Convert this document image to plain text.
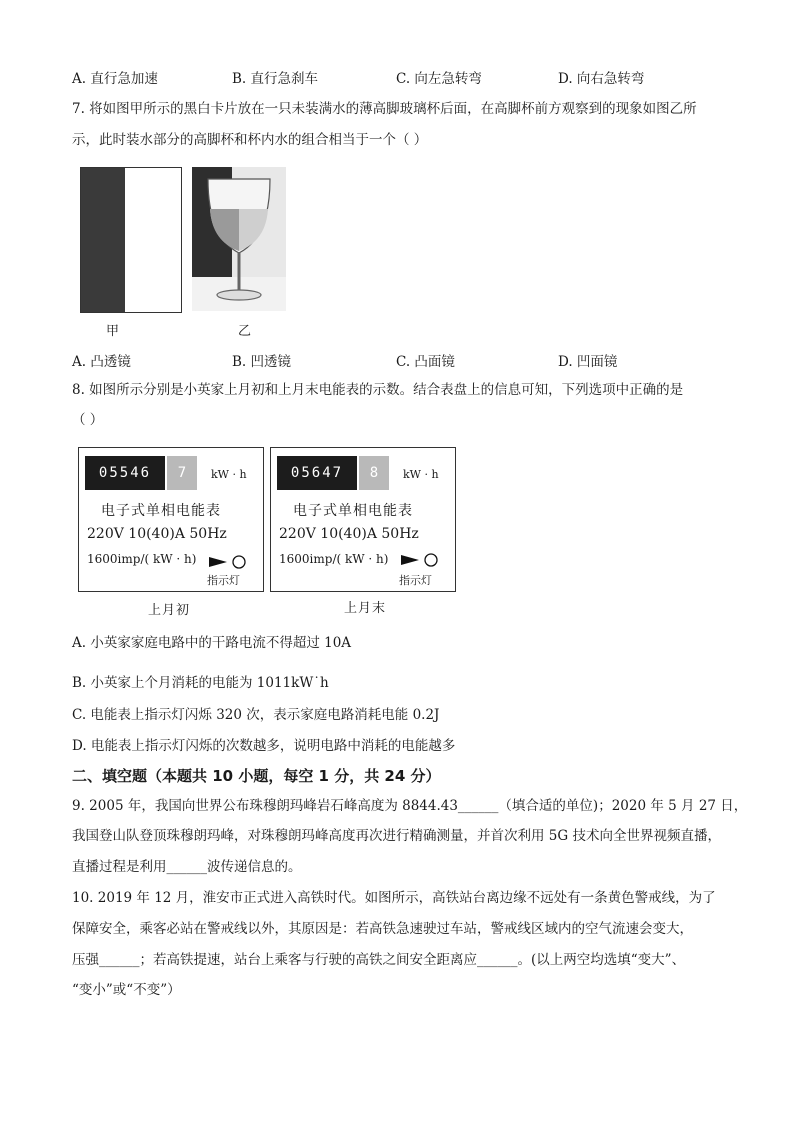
A. 直行急加速	B. 直行急刹车	C. 向左急转弯	D. 向右急转弯
7. 将如图甲所示的黑白卡片放在一只未装满水的薄高脚玻璃杯后面，在高脚杯前方观察到的现象如图乙所
示，此时装水部分的高脚杯和杯内水的组合相当于一个（ ）
甲	乙
A. 凸透镜	B. 凹透镜	C. 凸面镜	D. 凹面镜
8. 如图所示分别是小英家上月初和上月末电能表的示数。结合表盘上的信息可知，下列选项中正确的是
（ ）
05546	7	kW · h
电子式单相电能表
220V 10(40)A 50Hz
1600imp/( kW · h)
指示灯
上月初
05647	8	kW · h
电子式单相电能表
220V 10(40)A 50Hz
1600imp/( kW · h)
指示灯
上月末
A. 小英家家庭电路中的干路电流不得超过 10A
B. 小英家上个月消耗的电能为 1011kW˙h
C. 电能表上指示灯闪烁 320 次，表示家庭电路消耗电能 0.2J
D. 电能表上指示灯闪烁的次数越多，说明电路中消耗的电能越多
二、填空题（本题共 10 小题，每空 1 分，共 24 分）
9. 2005 年，我国向世界公布珠穆朗玛峰岩石峰高度为 8844.43______（填合适的单位)；2020 年 5 月 27 日，
我国登山队登顶珠穆朗玛峰，对珠穆朗玛峰高度再次进行精确测量，并首次利用 5G 技术向全世界视频直播，
直播过程是利用______波传递信息的。
10. 2019 年 12 月，淮安市正式进入高铁时代。如图所示，高铁站台离边缘不远处有一条黄色警戒线，为了
保障安全，乘客必站在警戒线以外，其原因是：若高铁急速驶过车站，警戒线区域内的空气流速会变大，
压强______；若高铁提速，站台上乘客与行驶的高铁之间安全距离应______。(以上两空均选填“变大”、
“变小”或“不变”）
